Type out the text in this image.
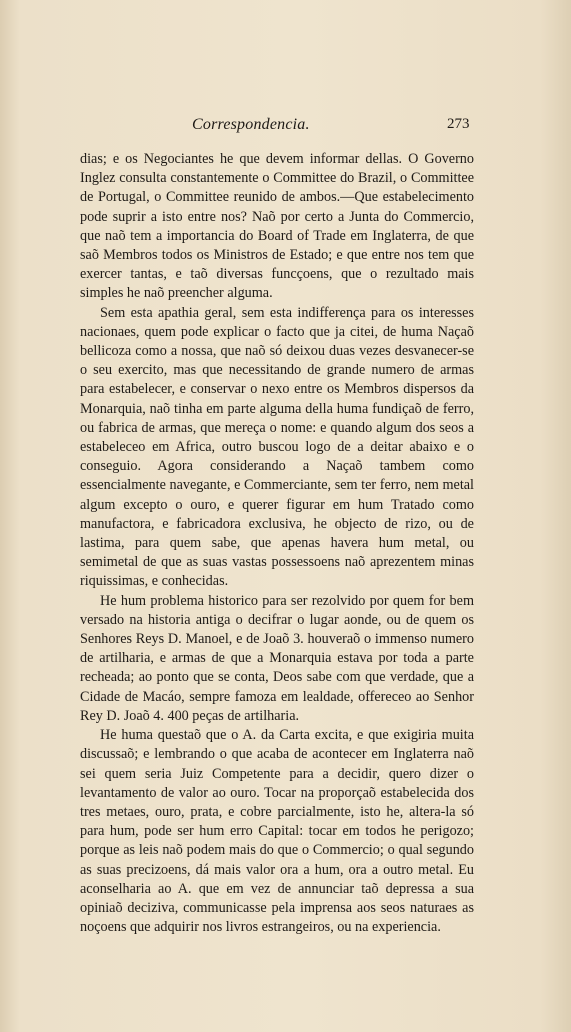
Correspondencia.	273

dias; e os Negociantes he que devem informar dellas. O Governo Inglez consulta constantemente o Committee do Brazil, o Committee de Portugal, o Committee reunido de ambos.—Que estabelecimento pode suprir a isto entre nos? Naõ por certo a Junta do Commercio, que naõ tem a importancia do Board of Trade em Inglaterra, de que saõ Membros todos os Ministros de Estado; e que entre nos tem que exercer tantas, e taõ diversas funcçoens, que o rezultado mais simples he naõ preencher alguma.

Sem esta apathia geral, sem esta indifferença para os interesses nacionaes, quem pode explicar o facto que ja citei, de huma Naçaõ bellicoza como a nossa, que naõ só deixou duas vezes desvanecer-se o seu exercito, mas que necessitando de grande numero de armas para estabelecer, e conservar o nexo entre os Membros dispersos da Monarquia, naõ tinha em parte alguma della huma fundiçaõ de ferro, ou fabrica de armas, que mereça o nome: e quando algum dos seos a estabeleceo em Africa, outro buscou logo de a deitar abaixo e o conseguio. Agora considerando a Naçaõ tambem como essencialmente navegante, e Commerciante, sem ter ferro, nem metal algum excepto o ouro, e querer figurar em hum Tratado como manufactora, e fabricadora exclusiva, he objecto de rizo, ou de lastima, para quem sabe, que apenas havera hum metal, ou semimetal de que as suas vastas possessoens naõ aprezentem minas riquissimas, e conhecidas.

He hum problema historico para ser rezolvido por quem for bem versado na historia antiga o decifrar o lugar aonde, ou de quem os Senhores Reys D. Manoel, e de Joaõ 3. houveraõ o immenso numero de artilharia, e armas de que a Monarquia estava por toda a parte recheada; ao ponto que se conta, Deos sabe com que verdade, que a Cidade de Macáo, sempre famoza em lealdade, offereceo ao Senhor Rey D. Joaõ 4. 400 peças de artilharia.

He huma questaõ que o A. da Carta excita, e que exigiria muita discussaõ; e lembrando o que acaba de acontecer em Inglaterra naõ sei quem seria Juiz Competente para a decidir, quero dizer o levantamento de valor ao ouro. Tocar na proporçaõ estabelecida dos tres metaes, ouro, prata, e cobre parcialmente, isto he, altera-la só para hum, pode ser hum erro Capital: tocar em todos he perigozo; porque as leis naõ podem mais do que o Commercio; o qual segundo as suas precizoens, dá mais valor ora a hum, ora a outro metal. Eu aconselharia ao A. que em vez de annunciar taõ depressa a sua opiniaõ deciziva, communicasse pela imprensa aos seos naturaes as noçoens que adquirir nos livros estrangeiros, ou na experiencia.
